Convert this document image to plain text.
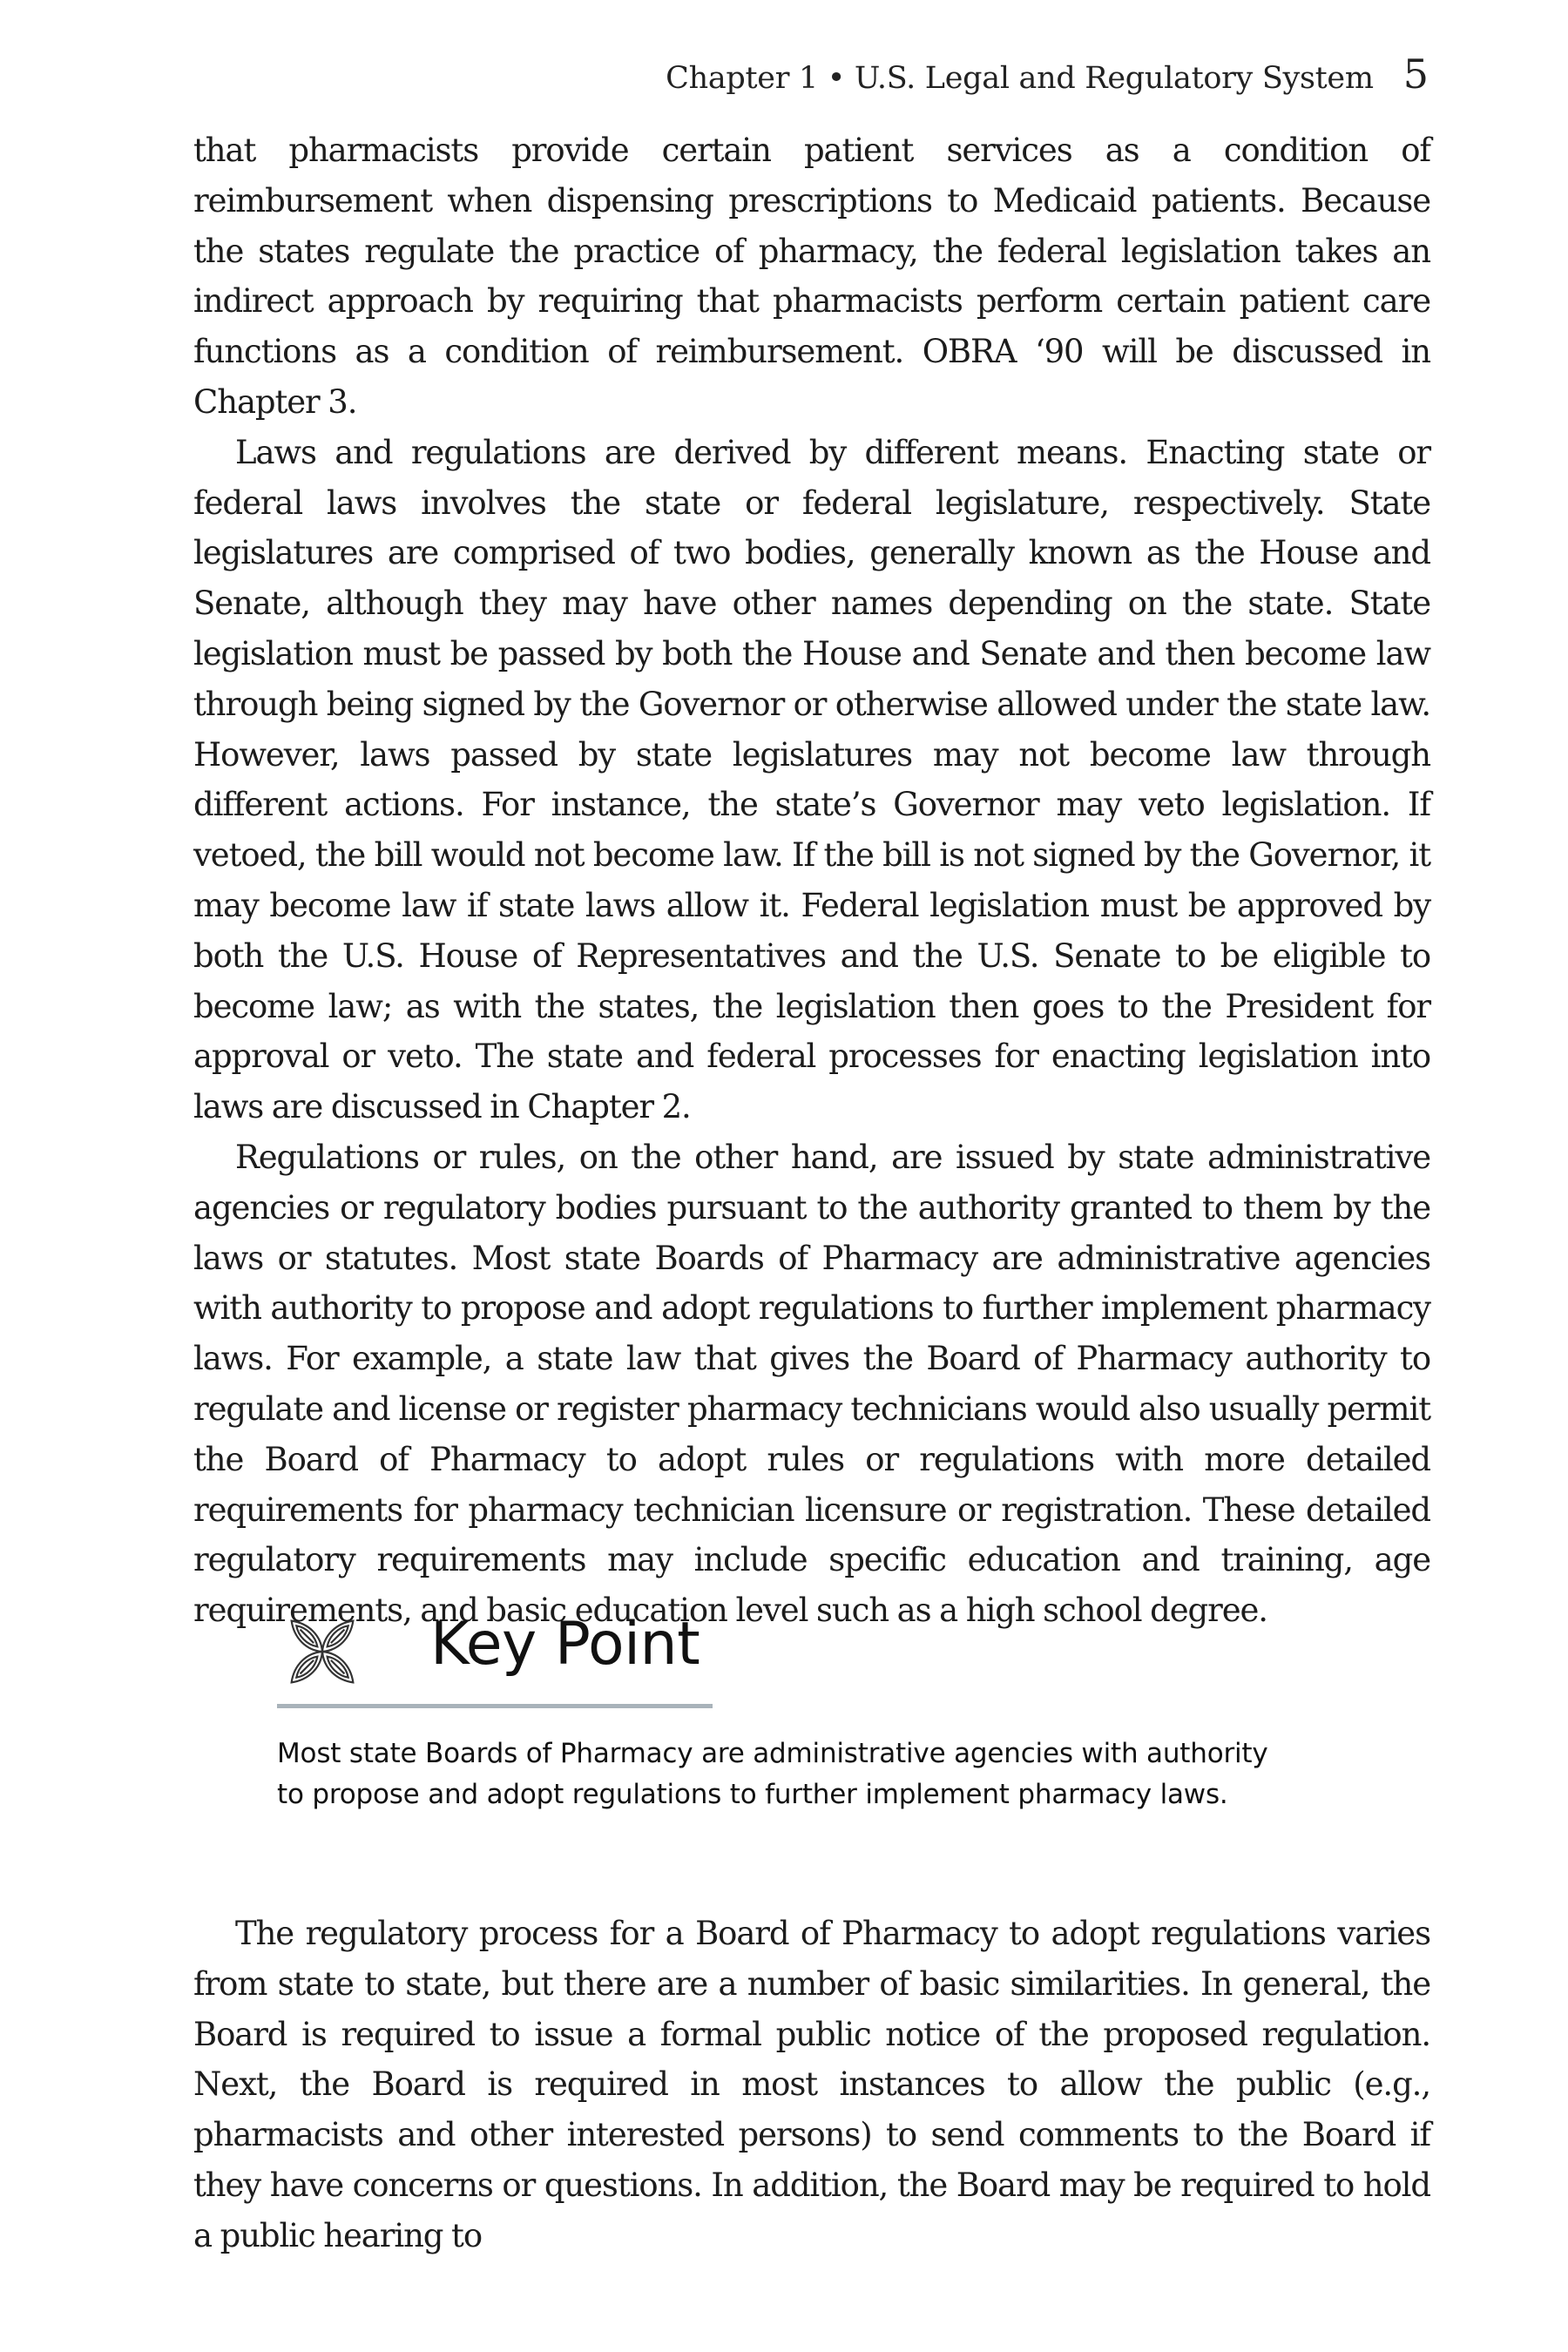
Chapter 1 • U.S. Legal and Regulatory System 5

that pharmacists provide certain patient services as a condition of reimbursement when dispensing prescriptions to Medicaid patients. Because the states regulate the practice of pharmacy, the federal legislation takes an indirect approach by requiring that pharmacists perform certain patient care functions as a condition of reimbursement. OBRA ‘90 will be discussed in Chapter 3.

Laws and regulations are derived by different means. Enacting state or federal laws involves the state or federal legislature, respectively. State legislatures are comprised of two bodies, generally known as the House and Senate, although they may have other names depending on the state. State legislation must be passed by both the House and Senate and then become law through being signed by the Governor or otherwise allowed under the state law. However, laws passed by state legislatures may not become law through different actions. For instance, the state’s Governor may veto legislation. If vetoed, the bill would not become law. If the bill is not signed by the Governor, it may become law if state laws allow it. Federal legislation must be approved by both the U.S. House of Representatives and the U.S. Senate to be eligible to become law; as with the states, the legislation then goes to the President for approval or veto. The state and federal processes for enacting legislation into laws are discussed in Chapter 2.

Regulations or rules, on the other hand, are issued by state administrative agencies or regulatory bodies pursuant to the authority granted to them by the laws or statutes. Most state Boards of Pharmacy are administrative agencies with authority to propose and adopt regulations to further implement pharmacy laws. For example, a state law that gives the Board of Pharmacy authority to regulate and license or register pharmacy technicians would also usually permit the Board of Pharmacy to adopt rules or regulations with more detailed requirements for pharmacy technician licensure or registration. These detailed regulatory requirements may include specific education and training, age requirements, and basic education level such as a high school degree.

Key Point

Most state Boards of Pharmacy are administrative agencies with authority to propose and adopt regulations to further implement pharmacy laws.

The regulatory process for a Board of Pharmacy to adopt regulations varies from state to state, but there are a number of basic similarities. In general, the Board is required to issue a formal public notice of the proposed regulation. Next, the Board is required in most instances to allow the public (e.g., pharmacists and other interested persons) to send comments to the Board if they have concerns or questions. In addition, the Board may be required to hold a public hearing to
